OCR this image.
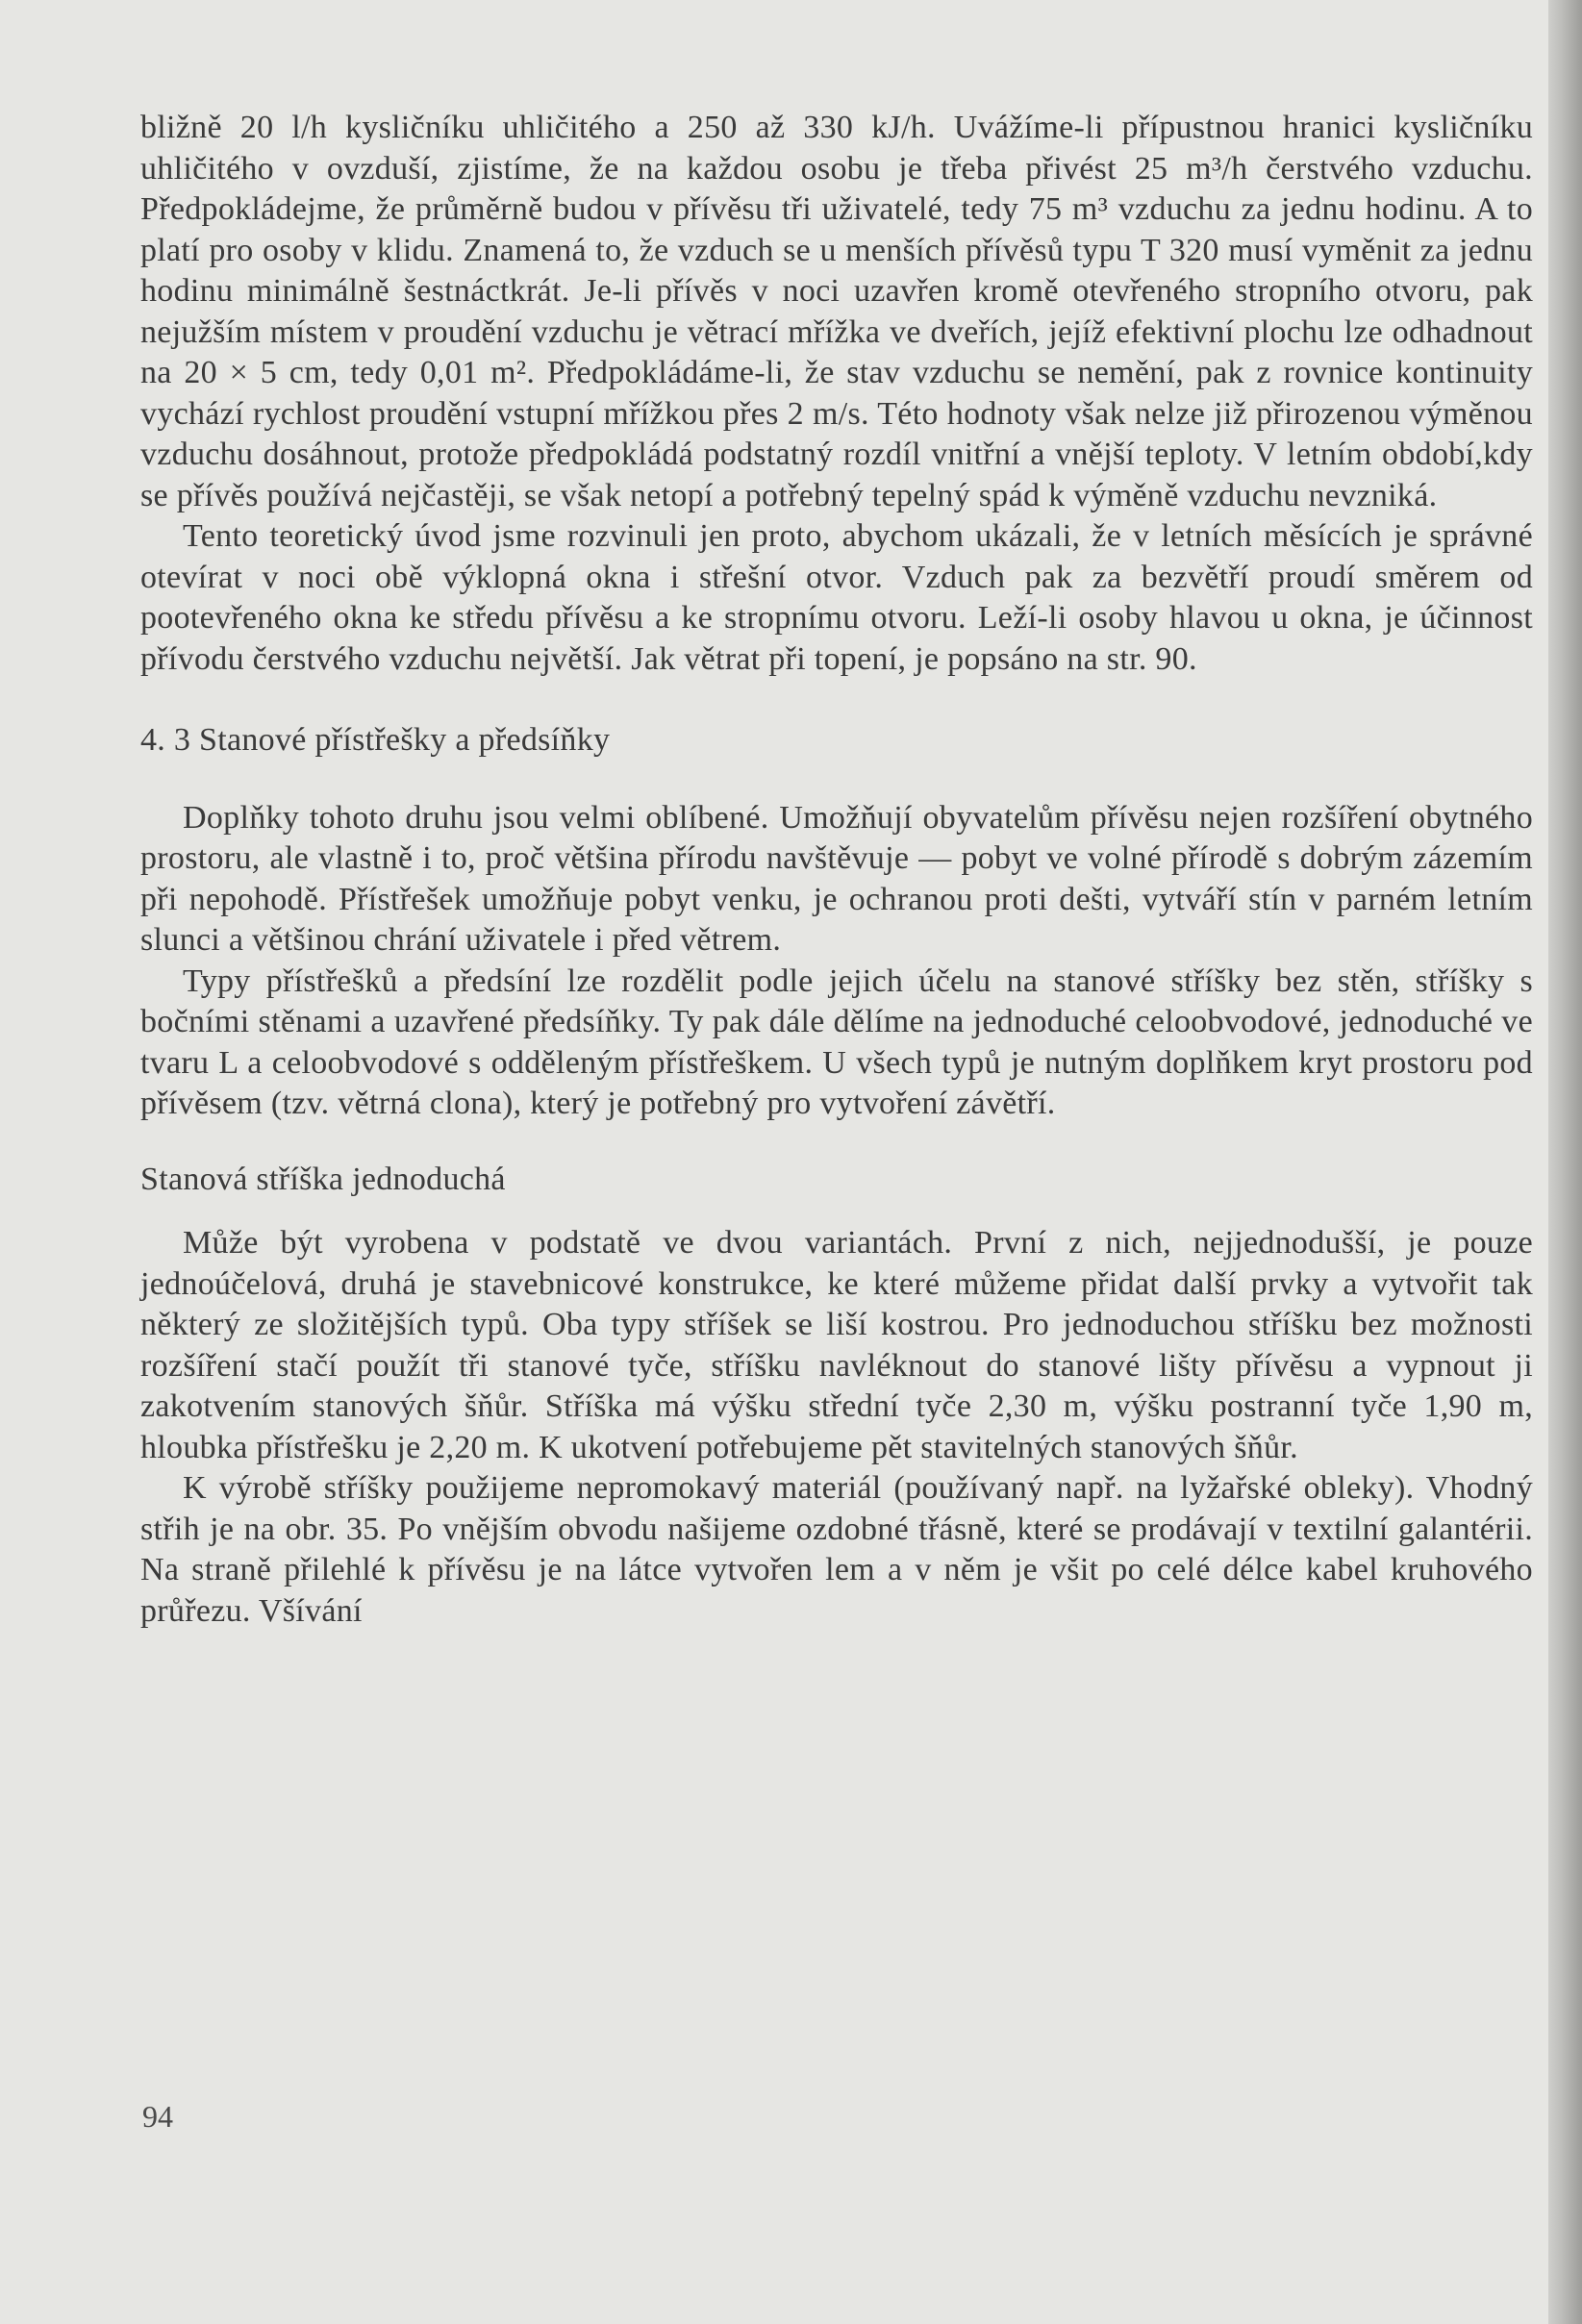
bližně 20 l/h kysličníku uhličitého a 250 až 330 kJ/h. Uvážíme-li přípustnou hranici kysličníku uhličitého v ovzduší, zjistíme, že na každou osobu je třeba přivést 25 m³/h čerstvého vzduchu. Předpokládejme, že průměrně budou v přívěsu tři uživatelé, tedy 75 m³ vzduchu za jednu hodinu. A to platí pro osoby v klidu. Znamená to, že vzduch se u menších přívěsů typu T 320 musí vyměnit za jednu hodinu minimálně šestnáctkrát. Je-li přívěs v noci uzavřen kromě otevřeného stropního otvoru, pak nejužším místem v proudění vzduchu je větrací mřížka ve dveřích, jejíž efektivní plochu lze odhadnout na 20 × 5 cm, tedy 0,01 m². Předpokládáme-li, že stav vzduchu se nemění, pak z rovnice kontinuity vychází rychlost proudění vstupní mřížkou přes 2 m/s. Této hodnoty však nelze již přirozenou výměnou vzduchu dosáhnout, protože předpokládá podstatný rozdíl vnitřní a vnější teploty. V letním období,kdy se přívěs používá nejčastěji, se však netopí a potřebný tepelný spád k výměně vzduchu nevzniká.

Tento teoretický úvod jsme rozvinuli jen proto, abychom ukázali, že v letních měsících je správné otevírat v noci obě výklopná okna i střešní otvor. Vzduch pak za bezvětří proudí směrem od pootevřeného okna ke středu přívěsu a ke stropnímu otvoru. Leží-li osoby hlavou u okna, je účinnost přívodu čerstvého vzduchu největší. Jak větrat při topení, je popsáno na str. 90.

4. 3 Stanové přístřešky a předsíňky

Doplňky tohoto druhu jsou velmi oblíbené. Umožňují obyvatelům přívěsu nejen rozšíření obytného prostoru, ale vlastně i to, proč většina přírodu navštěvuje — pobyt ve volné přírodě s dobrým zázemím při nepohodě. Přístřešek umožňuje pobyt venku, je ochranou proti dešti, vytváří stín v parném letním slunci a většinou chrání uživatele i před větrem.

Typy přístřešků a předsíní lze rozdělit podle jejich účelu na stanové stříšky bez stěn, stříšky s bočními stěnami a uzavřené předsíňky. Ty pak dále dělíme na jednoduché celoobvodové, jednoduché ve tvaru L a celoobvodové s odděleným přístřeškem. U všech typů je nutným doplňkem kryt prostoru pod přívěsem (tzv. větrná clona), který je potřebný pro vytvoření závětří.

Stanová stříška jednoduchá

Může být vyrobena v podstatě ve dvou variantách. První z nich, nejjednodušší, je pouze jednoúčelová, druhá je stavebnicové konstrukce, ke které můžeme přidat další prvky a vytvořit tak některý ze složitějších typů. Oba typy stříšek se liší kostrou. Pro jednoduchou stříšku bez možnosti rozšíření stačí použít tři stanové tyče, stříšku navléknout do stanové lišty přívěsu a vypnout ji zakotvením stanových šňůr. Stříška má výšku střední tyče 2,30 m, výšku postranní tyče 1,90 m, hloubka přístřešku je 2,20 m. K ukotvení potřebujeme pět stavitelných stanových šňůr.

K výrobě stříšky použijeme nepromokavý materiál (používaný např. na lyžařské obleky). Vhodný střih je na obr. 35. Po vnějším obvodu našijeme ozdobné třásně, které se prodávají v textilní galantérii. Na straně přilehlé k přívěsu je na látce vytvořen lem a v něm je všit po celé délce kabel kruhového průřezu. Všívání

94
